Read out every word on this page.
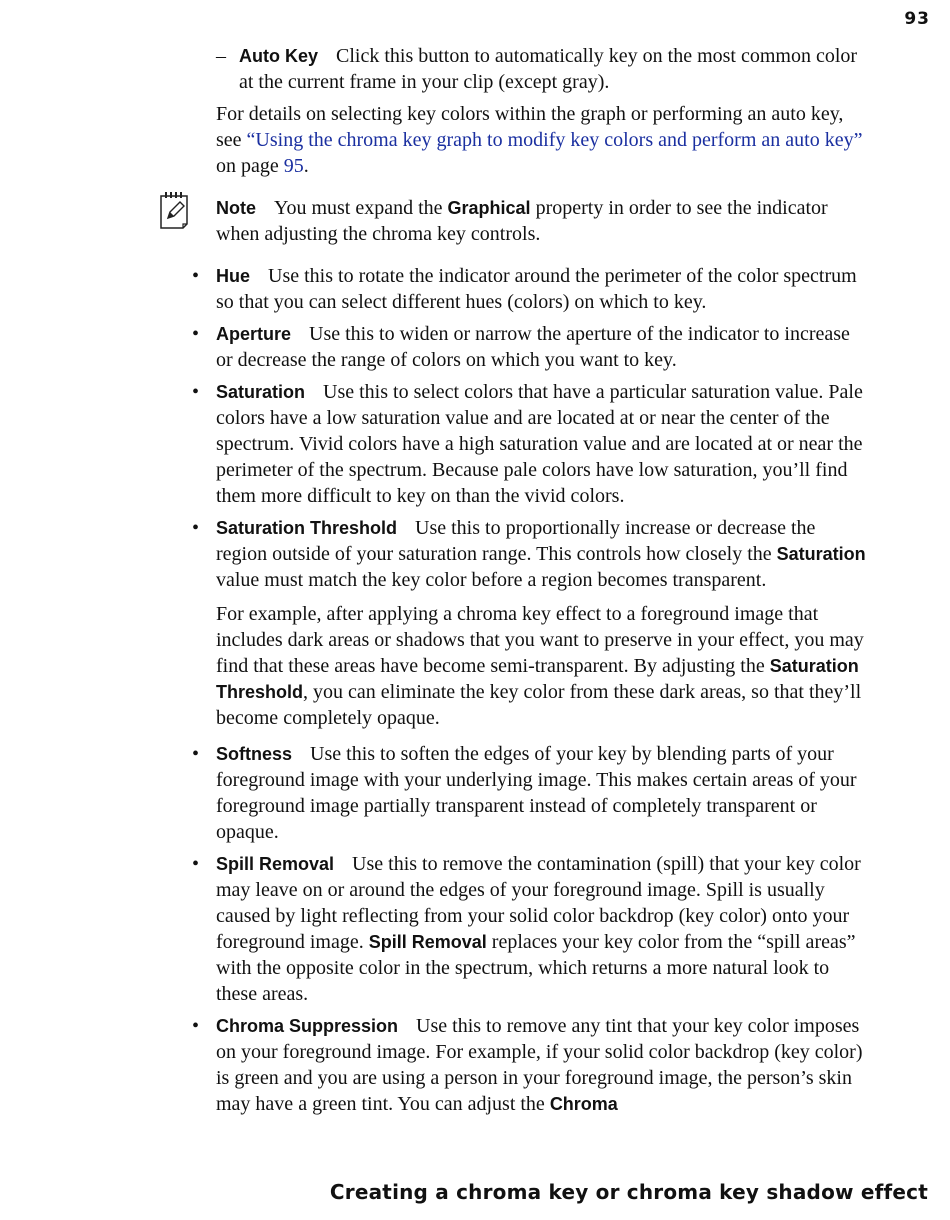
93
– Auto Key Click this button to automatically key on the most common color at the current frame in your clip (except gray).
For details on selecting key colors within the graph or performing an auto key, see “Using the chroma key graph to modify key colors and perform an auto key” on page 95.
Note You must expand the Graphical property in order to see the indicator when adjusting the chroma key controls.
• Hue Use this to rotate the indicator around the perimeter of the color spectrum so that you can select different hues (colors) on which to key.
• Aperture Use this to widen or narrow the aperture of the indicator to increase or decrease the range of colors on which you want to key.
• Saturation Use this to select colors that have a particular saturation value. Pale colors have a low saturation value and are located at or near the center of the spectrum. Vivid colors have a high saturation value and are located at or near the perimeter of the spectrum. Because pale colors have low saturation, you’ll find them more difficult to key on than the vivid colors.
• Saturation Threshold Use this to proportionally increase or decrease the region outside of your saturation range. This controls how closely the Saturation value must match the key color before a region becomes transparent.

For example, after applying a chroma key effect to a foreground image that includes dark areas or shadows that you want to preserve in your effect, you may find that these areas have become semi-transparent. By adjusting the Saturation Threshold, you can eliminate the key color from these dark areas, so that they’ll become completely opaque.

• Softness Use this to soften the edges of your key by blending parts of your foreground image with your underlying image. This makes certain areas of your foreground image partially transparent instead of completely transparent or opaque.
• Spill Removal Use this to remove the contamination (spill) that your key color may leave on or around the edges of your foreground image. Spill is usually caused by light reflecting from your solid color backdrop (key color) onto your foreground image. Spill Removal replaces your key color from the “spill areas” with the opposite color in the spectrum, which returns a more natural look to these areas.
• Chroma Suppression Use this to remove any tint that your key color imposes on your foreground image. For example, if your solid color backdrop (key color) is green and you are using a person in your foreground image, the person’s skin may have a green tint. You can adjust the Chroma
Creating a chroma key or chroma key shadow effect
